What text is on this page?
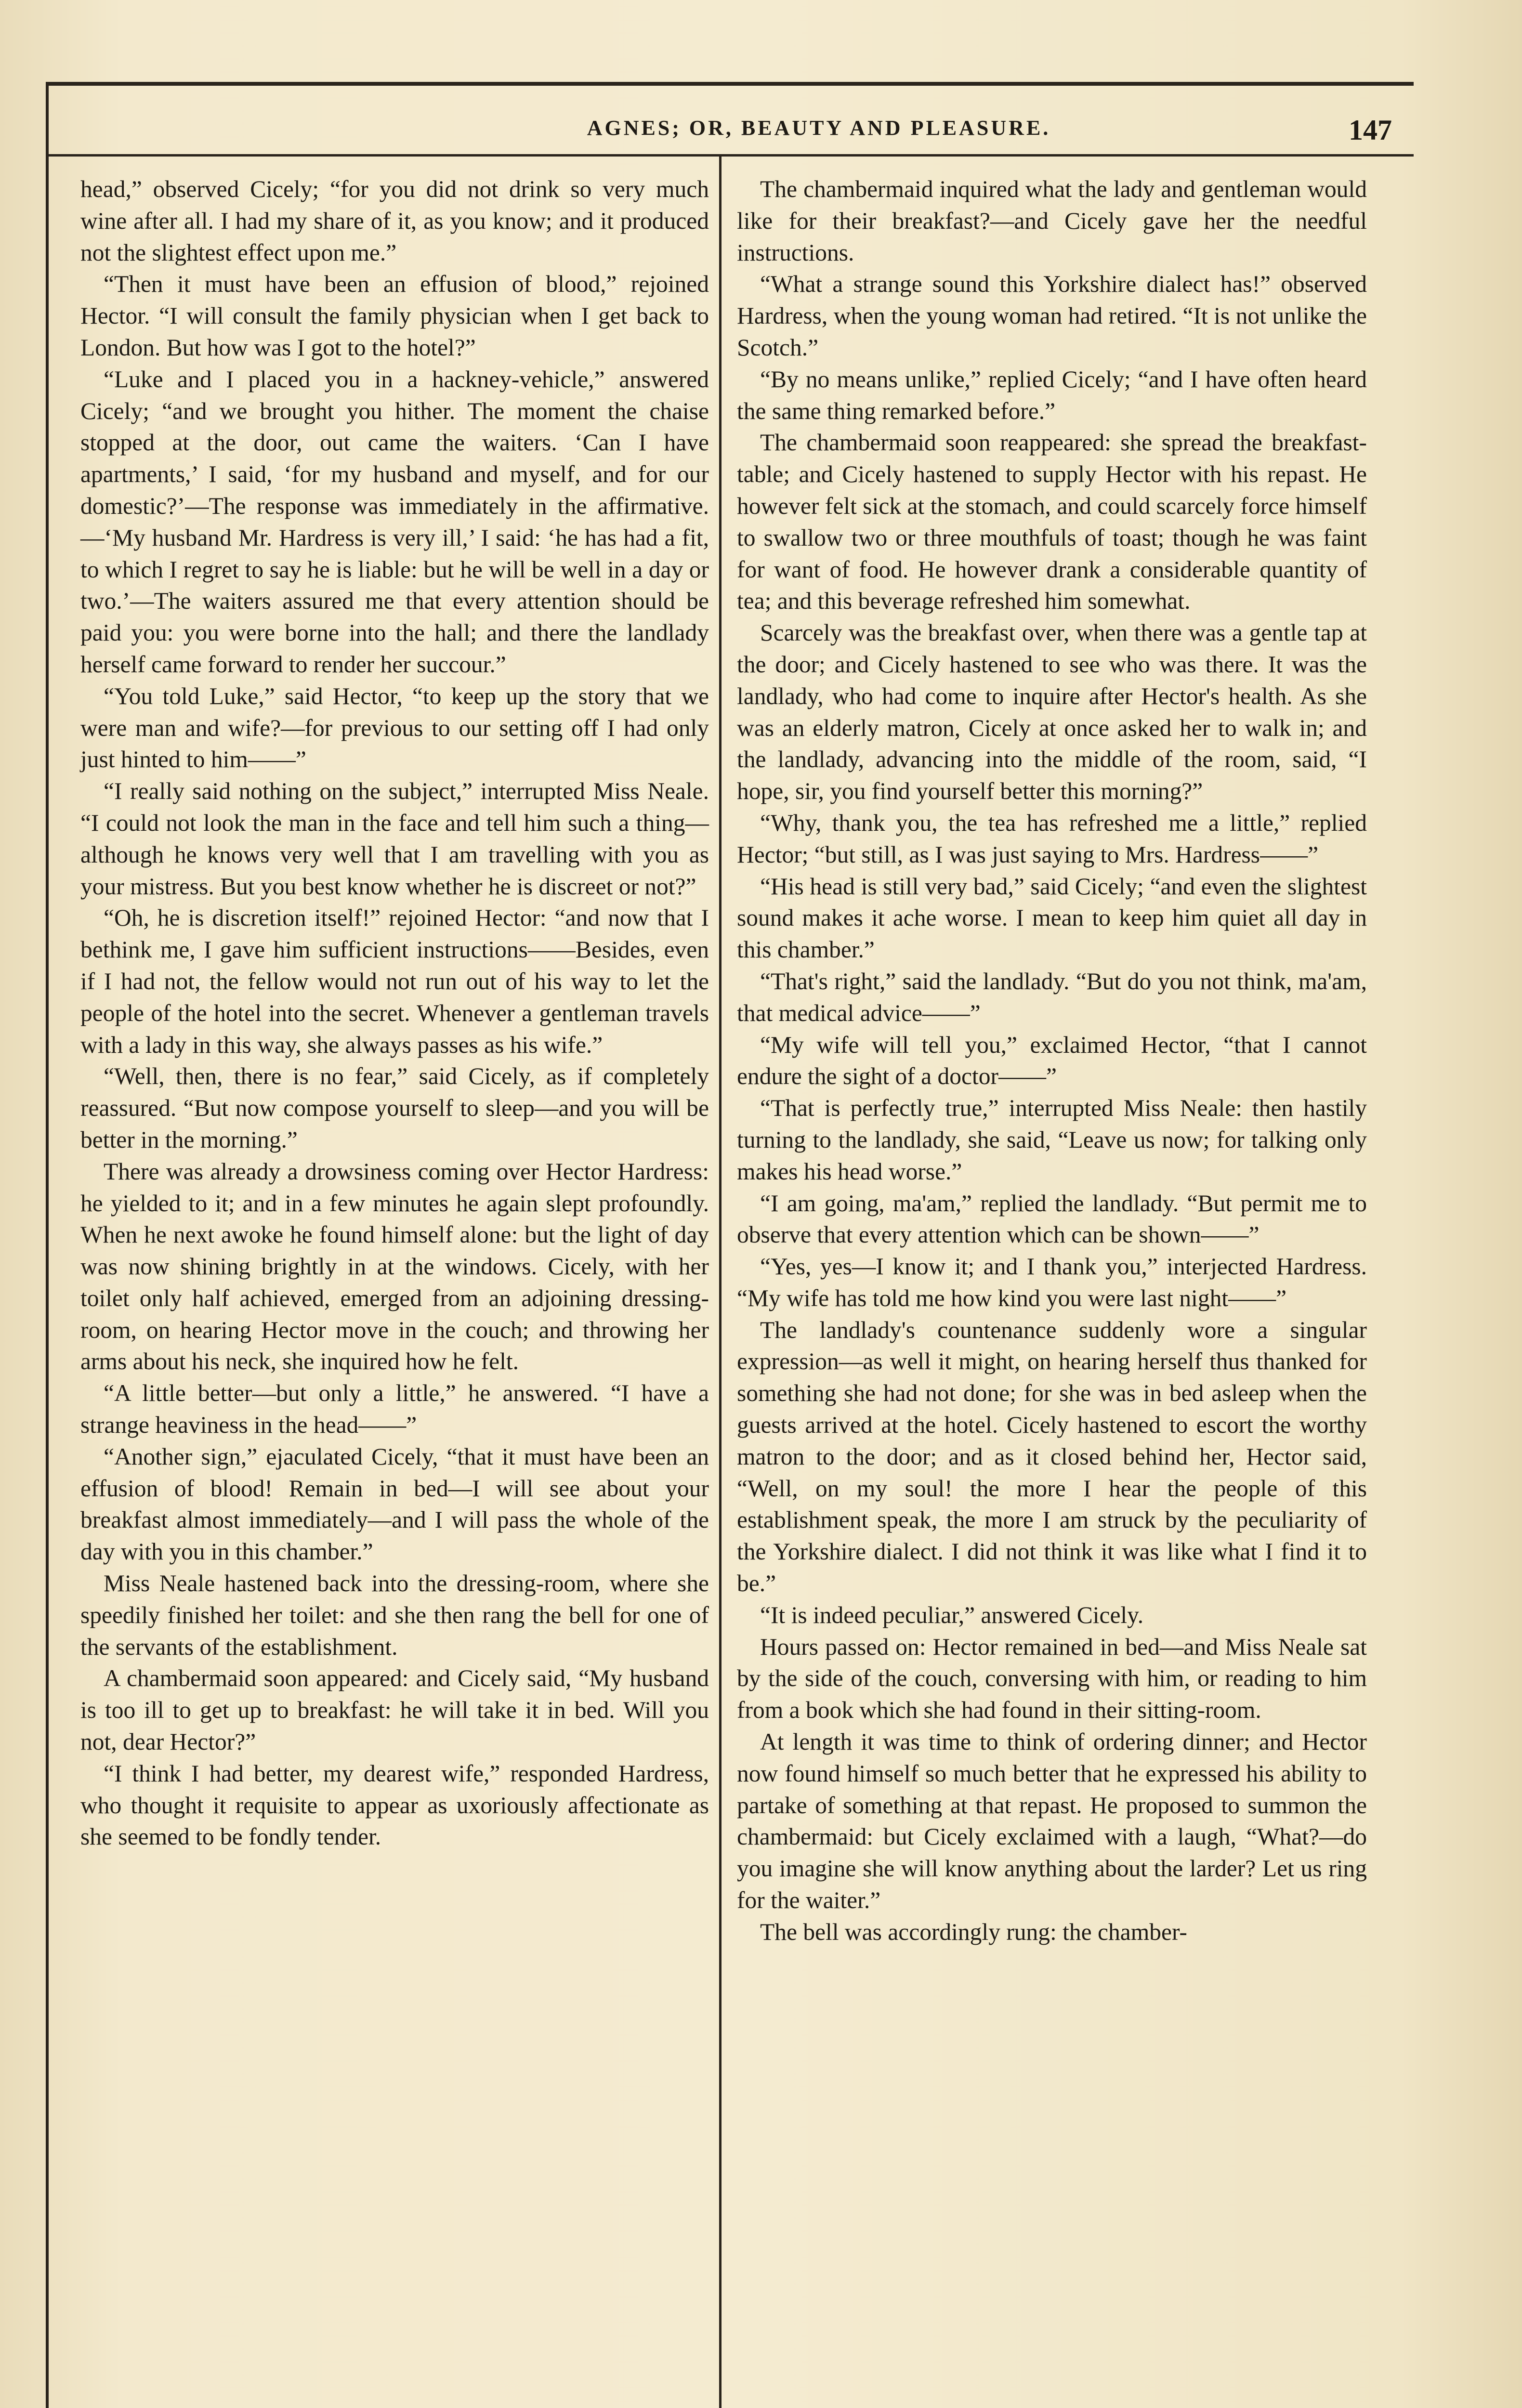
AGNES; OR, BEAUTY AND PLEASURE.	147

head,” observed Cicely; “for you did not drink so very much wine after all. I had my share of it, as you know; and it produced not the slightest effect upon me.”

“Then it must have been an effusion of blood,” rejoined Hector. “I will consult the family physician when I get back to London. But how was I got to the hotel?”

“Luke and I placed you in a hackney-vehicle,” answered Cicely; “and we brought you hither. The moment the chaise stopped at the door, out came the waiters. ‘Can I have apartments,’ I said, ‘for my husband and myself, and for our domestic?’—The response was immediately in the affirmative.—‘My husband Mr. Hardress is very ill,’ I said: ‘he has had a fit, to which I regret to say he is liable: but he will be well in a day or two.’—The waiters assured me that every attention should be paid you: you were borne into the hall; and there the landlady herself came forward to render her succour.”

“You told Luke,” said Hector, “to keep up the story that we were man and wife?—for previous to our setting off I had only just hinted to him——”

“I really said nothing on the subject,” interrupted Miss Neale. “I could not look the man in the face and tell him such a thing—although he knows very well that I am travelling with you as your mistress. But you best know whether he is discreet or not?”

“Oh, he is discretion itself!” rejoined Hector: “and now that I bethink me, I gave him sufficient instructions——Besides, even if I had not, the fellow would not run out of his way to let the people of the hotel into the secret. Whenever a gentleman travels with a lady in this way, she always passes as his wife.”

“Well, then, there is no fear,” said Cicely, as if completely reassured. “But now compose yourself to sleep—and you will be better in the morning.”

There was already a drowsiness coming over Hector Hardress: he yielded to it; and in a few minutes he again slept profoundly. When he next awoke he found himself alone: but the light of day was now shining brightly in at the windows. Cicely, with her toilet only half achieved, emerged from an adjoining dressing-room, on hearing Hector move in the couch; and throwing her arms about his neck, she inquired how he felt.

“A little better—but only a little,” he answered. “I have a strange heaviness in the head——”

“Another sign,” ejaculated Cicely, “that it must have been an effusion of blood! Remain in bed—I will see about your breakfast almost immediately—and I will pass the whole of the day with you in this chamber.”

Miss Neale hastened back into the dressing-room, where she speedily finished her toilet: and she then rang the bell for one of the servants of the establishment.

A chambermaid soon appeared: and Cicely said, “My husband is too ill to get up to breakfast: he will take it in bed. Will you not, dear Hector?”

“I think I had better, my dearest wife,” responded Hardress, who thought it requisite to appear as uxoriously affectionate as she seemed to be fondly tender.

The chambermaid inquired what the lady and gentleman would like for their breakfast?—and Cicely gave her the needful instructions.

“What a strange sound this Yorkshire dialect has!” observed Hardress, when the young woman had retired. “It is not unlike the Scotch.”

“By no means unlike,” replied Cicely; “and I have often heard the same thing remarked before.”

The chambermaid soon reappeared: she spread the breakfast-table; and Cicely hastened to supply Hector with his repast. He however felt sick at the stomach, and could scarcely force himself to swallow two or three mouthfuls of toast; though he was faint for want of food. He however drank a considerable quantity of tea; and this beverage refreshed him somewhat.

Scarcely was the breakfast over, when there was a gentle tap at the door; and Cicely hastened to see who was there. It was the landlady, who had come to inquire after Hector's health. As she was an elderly matron, Cicely at once asked her to walk in; and the landlady, advancing into the middle of the room, said, “I hope, sir, you find yourself better this morning?”

“Why, thank you, the tea has refreshed me a little,” replied Hector; “but still, as I was just saying to Mrs. Hardress——”

“His head is still very bad,” said Cicely; “and even the slightest sound makes it ache worse. I mean to keep him quiet all day in this chamber.”

“That's right,” said the landlady. “But do you not think, ma'am, that medical advice——”

“My wife will tell you,” exclaimed Hector, “that I cannot endure the sight of a doctor——”

“That is perfectly true,” interrupted Miss Neale: then hastily turning to the landlady, she said, “Leave us now; for talking only makes his head worse.”

“I am going, ma'am,” replied the landlady. “But permit me to observe that every attention which can be shown——”

“Yes, yes—I know it; and I thank you,” interjected Hardress. “My wife has told me how kind you were last night——”

The landlady's countenance suddenly wore a singular expression—as well it might, on hearing herself thus thanked for something she had not done; for she was in bed asleep when the guests arrived at the hotel. Cicely hastened to escort the worthy matron to the door; and as it closed behind her, Hector said, “Well, on my soul! the more I hear the people of this establishment speak, the more I am struck by the peculiarity of the Yorkshire dialect. I did not think it was like what I find it to be.”

“It is indeed peculiar,” answered Cicely.

Hours passed on: Hector remained in bed—and Miss Neale sat by the side of the couch, conversing with him, or reading to him from a book which she had found in their sitting-room.

At length it was time to think of ordering dinner; and Hector now found himself so much better that he expressed his ability to partake of something at that repast. He proposed to summon the chambermaid: but Cicely exclaimed with a laugh, “What?—do you imagine she will know anything about the larder? Let us ring for the waiter.”

The bell was accordingly rung: the chamber-
